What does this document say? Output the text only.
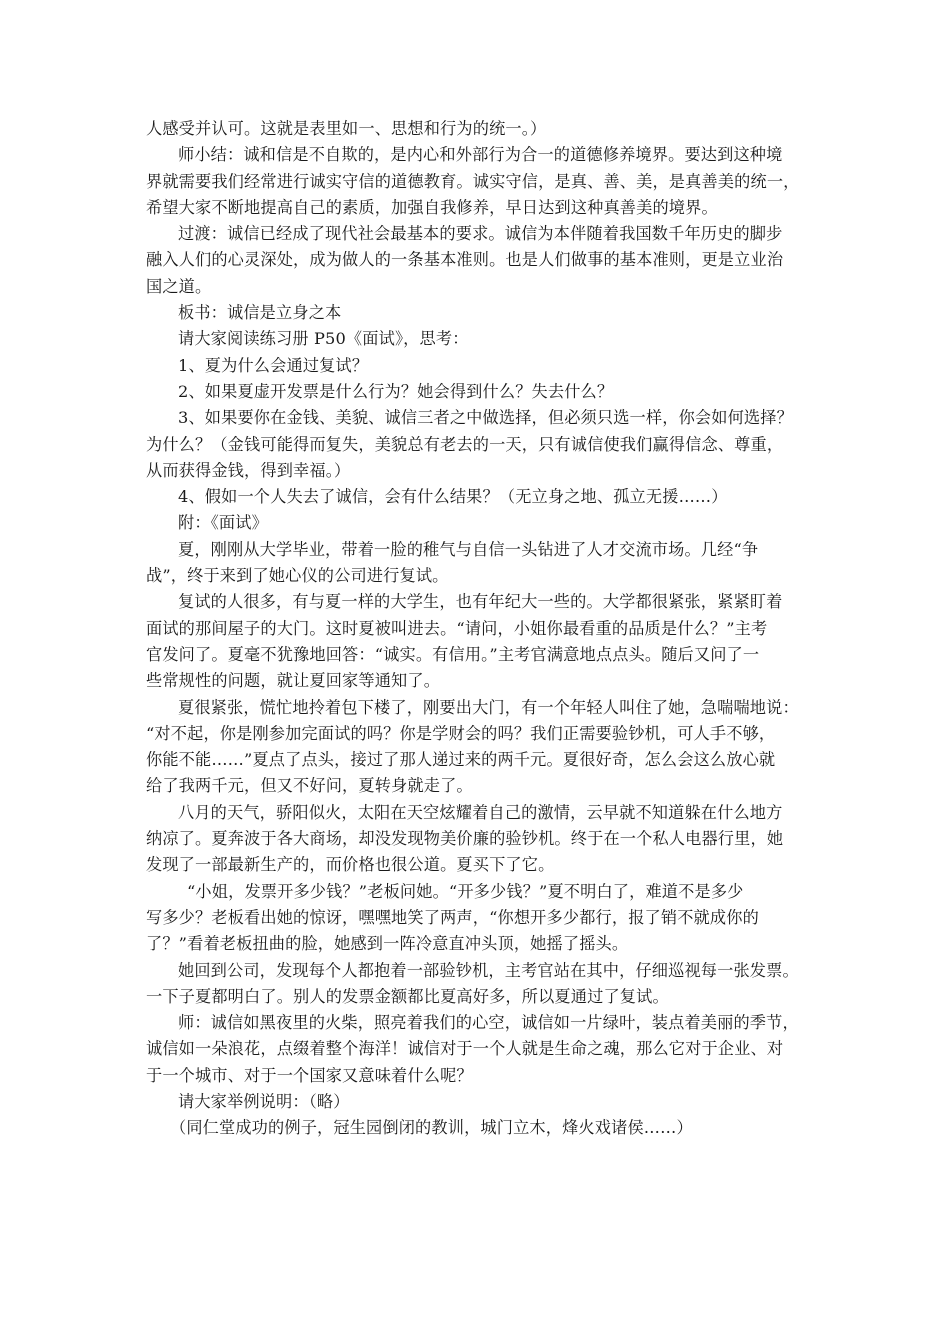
人感受并认可。这就是表里如一、思想和行为的统一。）
师小结：诚和信是不自欺的，是内心和外部行为合一的道德修养境界。要达到这种境
界就需要我们经常进行诚实守信的道德教育。诚实守信，是真、善、美，是真善美的统一，
希望大家不断地提高自己的素质，加强自我修养，早日达到这种真善美的境界。
过渡：诚信已经成了现代社会最基本的要求。诚信为本伴随着我国数千年历史的脚步
融入人们的心灵深处，成为做人的一条基本准则。也是人们做事的基本准则，更是立业治
国之道。
板书：诚信是立身之本
请大家阅读练习册 P50《面试》，思考：
1、夏为什么会通过复试？
2、如果夏虚开发票是什么行为？她会得到什么？失去什么？
3、如果要你在金钱、美貌、诚信三者之中做选择，但必须只选一样，你会如何选择？
为什么？（金钱可能得而复失，美貌总有老去的一天，只有诚信使我们赢得信念、尊重，
从而获得金钱，得到幸福。）
4、假如一个人失去了诚信，会有什么结果？（无立身之地、孤立无援……）
附：《面试》
夏，刚刚从大学毕业，带着一脸的稚气与自信一头钻进了人才交流市场。几经“争
战”，终于来到了她心仪的公司进行复试。
复试的人很多，有与夏一样的大学生，也有年纪大一些的。大学都很紧张，紧紧盯着
面试的那间屋子的大门。这时夏被叫进去。“请问，小姐你最看重的品质是什么？”主考
官发问了。夏毫不犹豫地回答：“诚实。有信用。”主考官满意地点点头。随后又问了一
些常规性的问题，就让夏回家等通知了。
夏很紧张，慌忙地拎着包下楼了，刚要出大门，有一个年轻人叫住了她，急喘喘地说：
“对不起，你是刚参加完面试的吗？你是学财会的吗？我们正需要验钞机，可人手不够，
你能不能……”夏点了点头，接过了那人递过来的两千元。夏很好奇，怎么会这么放心就
给了我两千元，但又不好问，夏转身就走了。
八月的天气，骄阳似火，太阳在天空炫耀着自己的激情，云早就不知道躲在什么地方
纳凉了。夏奔波于各大商场，却没发现物美价廉的验钞机。终于在一个私人电器行里，她
发现了一部最新生产的，而价格也很公道。夏买下了它。
“小姐，发票开多少钱？”老板问她。“开多少钱？”夏不明白了，难道不是多少
写多少？老板看出她的惊讶，嘿嘿地笑了两声，“你想开多少都行，报了销不就成你的
了？”看着老板扭曲的脸，她感到一阵冷意直冲头顶，她摇了摇头。
她回到公司，发现每个人都抱着一部验钞机，主考官站在其中，仔细巡视每一张发票。
一下子夏都明白了。别人的发票金额都比夏高好多，所以夏通过了复试。
师：诚信如黑夜里的火柴，照亮着我们的心空，诚信如一片绿叶，装点着美丽的季节，
诚信如一朵浪花，点缀着整个海洋！诚信对于一个人就是生命之魂，那么它对于企业、对
于一个城市、对于一个国家又意味着什么呢？
请大家举例说明：（略）
（同仁堂成功的例子，冠生园倒闭的教训，城门立木，烽火戏诸侯……）
